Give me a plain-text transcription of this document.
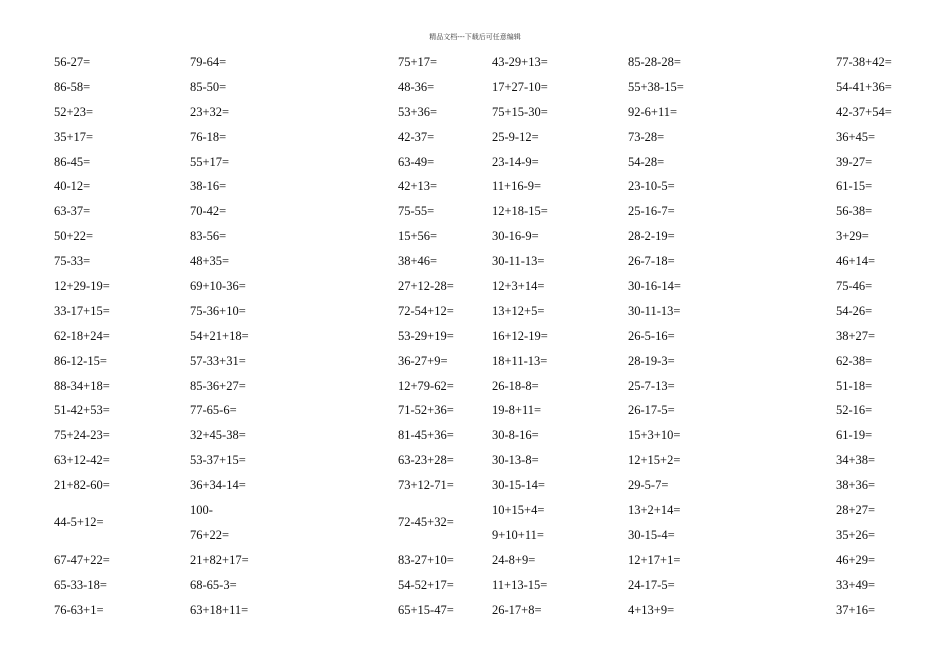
精品文档---下载后可任意编辑
56-27=
86-58=
52+23=
35+17=
86-45=
40-12=
63-37=
50+22=
75-33=
12+29-19=
33-17+15=
62-18+24=
86-12-15=
88-34+18=
51-42+53=
75+24-23=
63+12-42=
21+82-60=
44-5+12=
67-47+22=
65-33-18=
76-63+1=
79-64=
85-50=
23+32=
76-18=
55+17=
38-16=
70-42=
83-56=
48+35=
69+10-36=
75-36+10=
54+21+18=
57-33+31=
85-36+27=
77-65-6=
32+45-38=
53-37+15=
36+34-14=
100-
76+22=
21+82+17=
68-65-3=
63+18+11=
75+17=
48-36=
53+36=
42-37=
63-49=
42+13=
75-55=
15+56=
38+46=
27+12-28=
72-54+12=
53-29+19=
36-27+9=
12+79-62=
71-52+36=
81-45+36=
63-23+28=
73+12-71=
72-45+32=
83-27+10=
54-52+17=
65+15-47=
43-29+13=
17+27-10=
75+15-30=
25-9-12=
23-14-9=
11+16-9=
12+18-15=
30-16-9=
30-11-13=
12+3+14=
13+12+5=
16+12-19=
18+11-13=
26-18-8=
19-8+11=
30-8-16=
30-13-8=
30-15-14=
10+15+4=
9+10+11=
24-8+9=
11+13-15=
26-17+8=
85-28-28=
55+38-15=
92-6+11=
73-28=
54-28=
23-10-5=
25-16-7=
28-2-19=
26-7-18=
30-16-14=
30-11-13=
26-5-16=
28-19-3=
25-7-13=
26-17-5=
15+3+10=
12+15+2=
29-5-7=
13+2+14=
30-15-4=
12+17+1=
24-17-5=
4+13+9=
77-38+42=
54-41+36=
42-37+54=
36+45=
39-27=
61-15=
56-38=
3+29=
46+14=
75-46=
54-26=
38+27=
62-38=
51-18=
52-16=
61-19=
34+38=
38+36=
28+27=
35+26=
46+29=
33+49=
37+16=
